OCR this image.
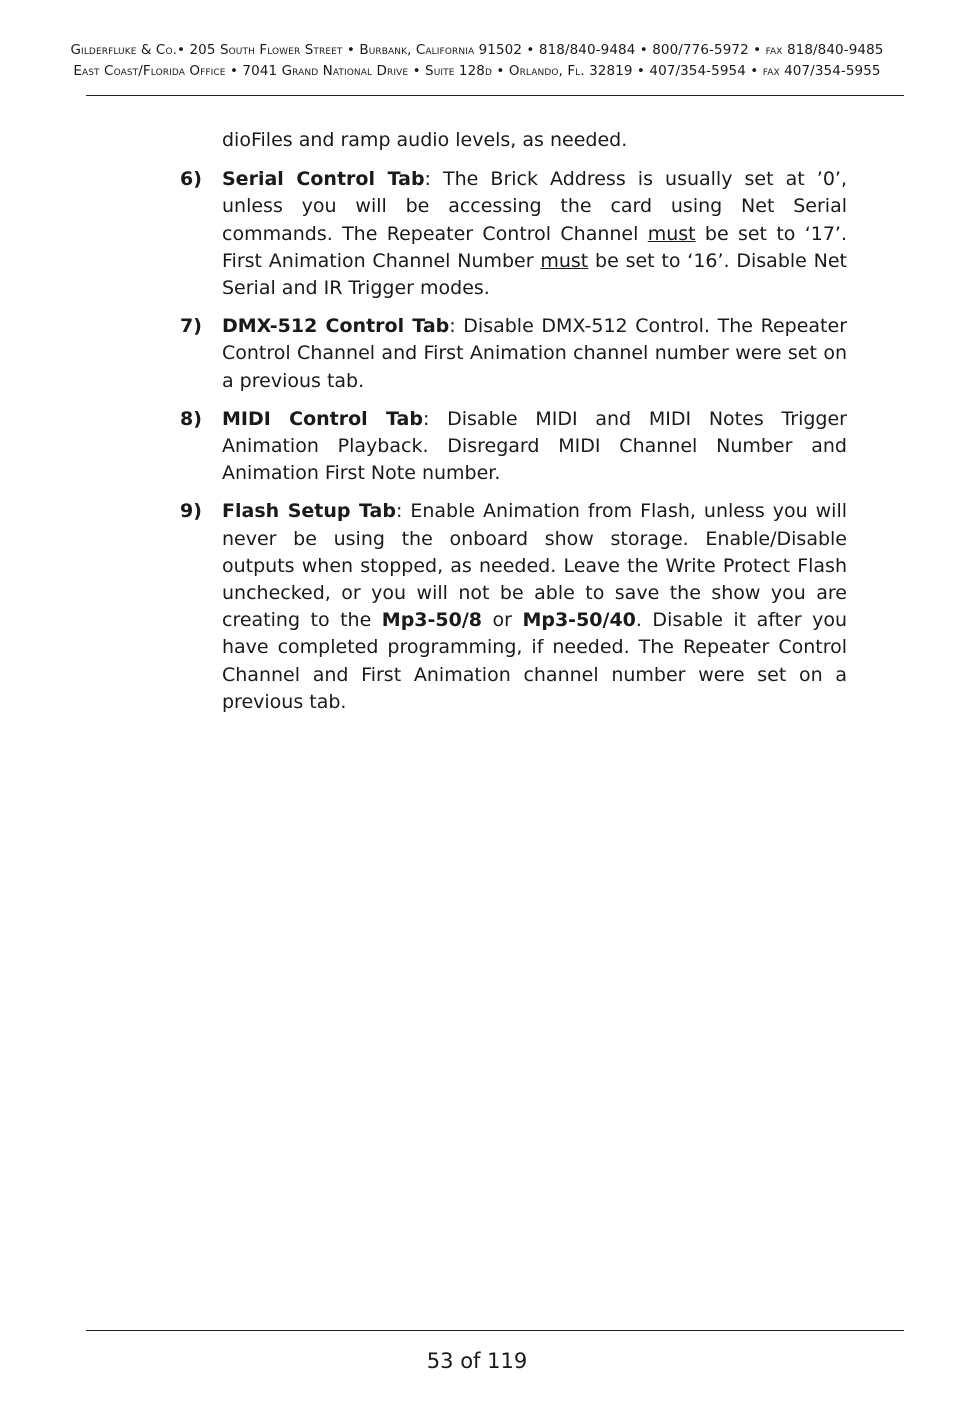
Gilderfluke & Co.• 205 South Flower Street • Burbank, California 91502 • 818/840-9484 • 800/776-5972 • fax 818/840-9485
East Coast/Florida Office • 7041 Grand National Drive • Suite 128d • Orlando, Fl. 32819 • 407/354-5954 • fax 407/354-5955
dioFiles and ramp audio levels, as needed.
6) Serial Control Tab: The Brick Address is usually set at ’0’, unless you will be accessing the card using Net Serial commands. The Repeater Control Channel must be set to ‘17’. First Animation Channel Number must be set to ‘16’. Disable Net Serial and IR Trigger modes.
7) DMX-512 Control Tab: Disable DMX-512 Control. The Repeater Control Channel and First Animation channel number were set on a previous tab.
8) MIDI Control Tab: Disable MIDI and MIDI Notes Trigger Animation Playback. Disregard MIDI Channel Number and Animation First Note number.
9) Flash Setup Tab: Enable Animation from Flash, unless you will never be using the onboard show storage. Enable/Disable outputs when stopped, as needed. Leave the Write Protect Flash unchecked, or you will not be able to save the show you are creating to the Mp3-50/8 or Mp3-50/40. Disable it after you have completed programming, if needed. The Repeater Control Channel and First Animation channel number were set on a previous tab.
53 of 119
